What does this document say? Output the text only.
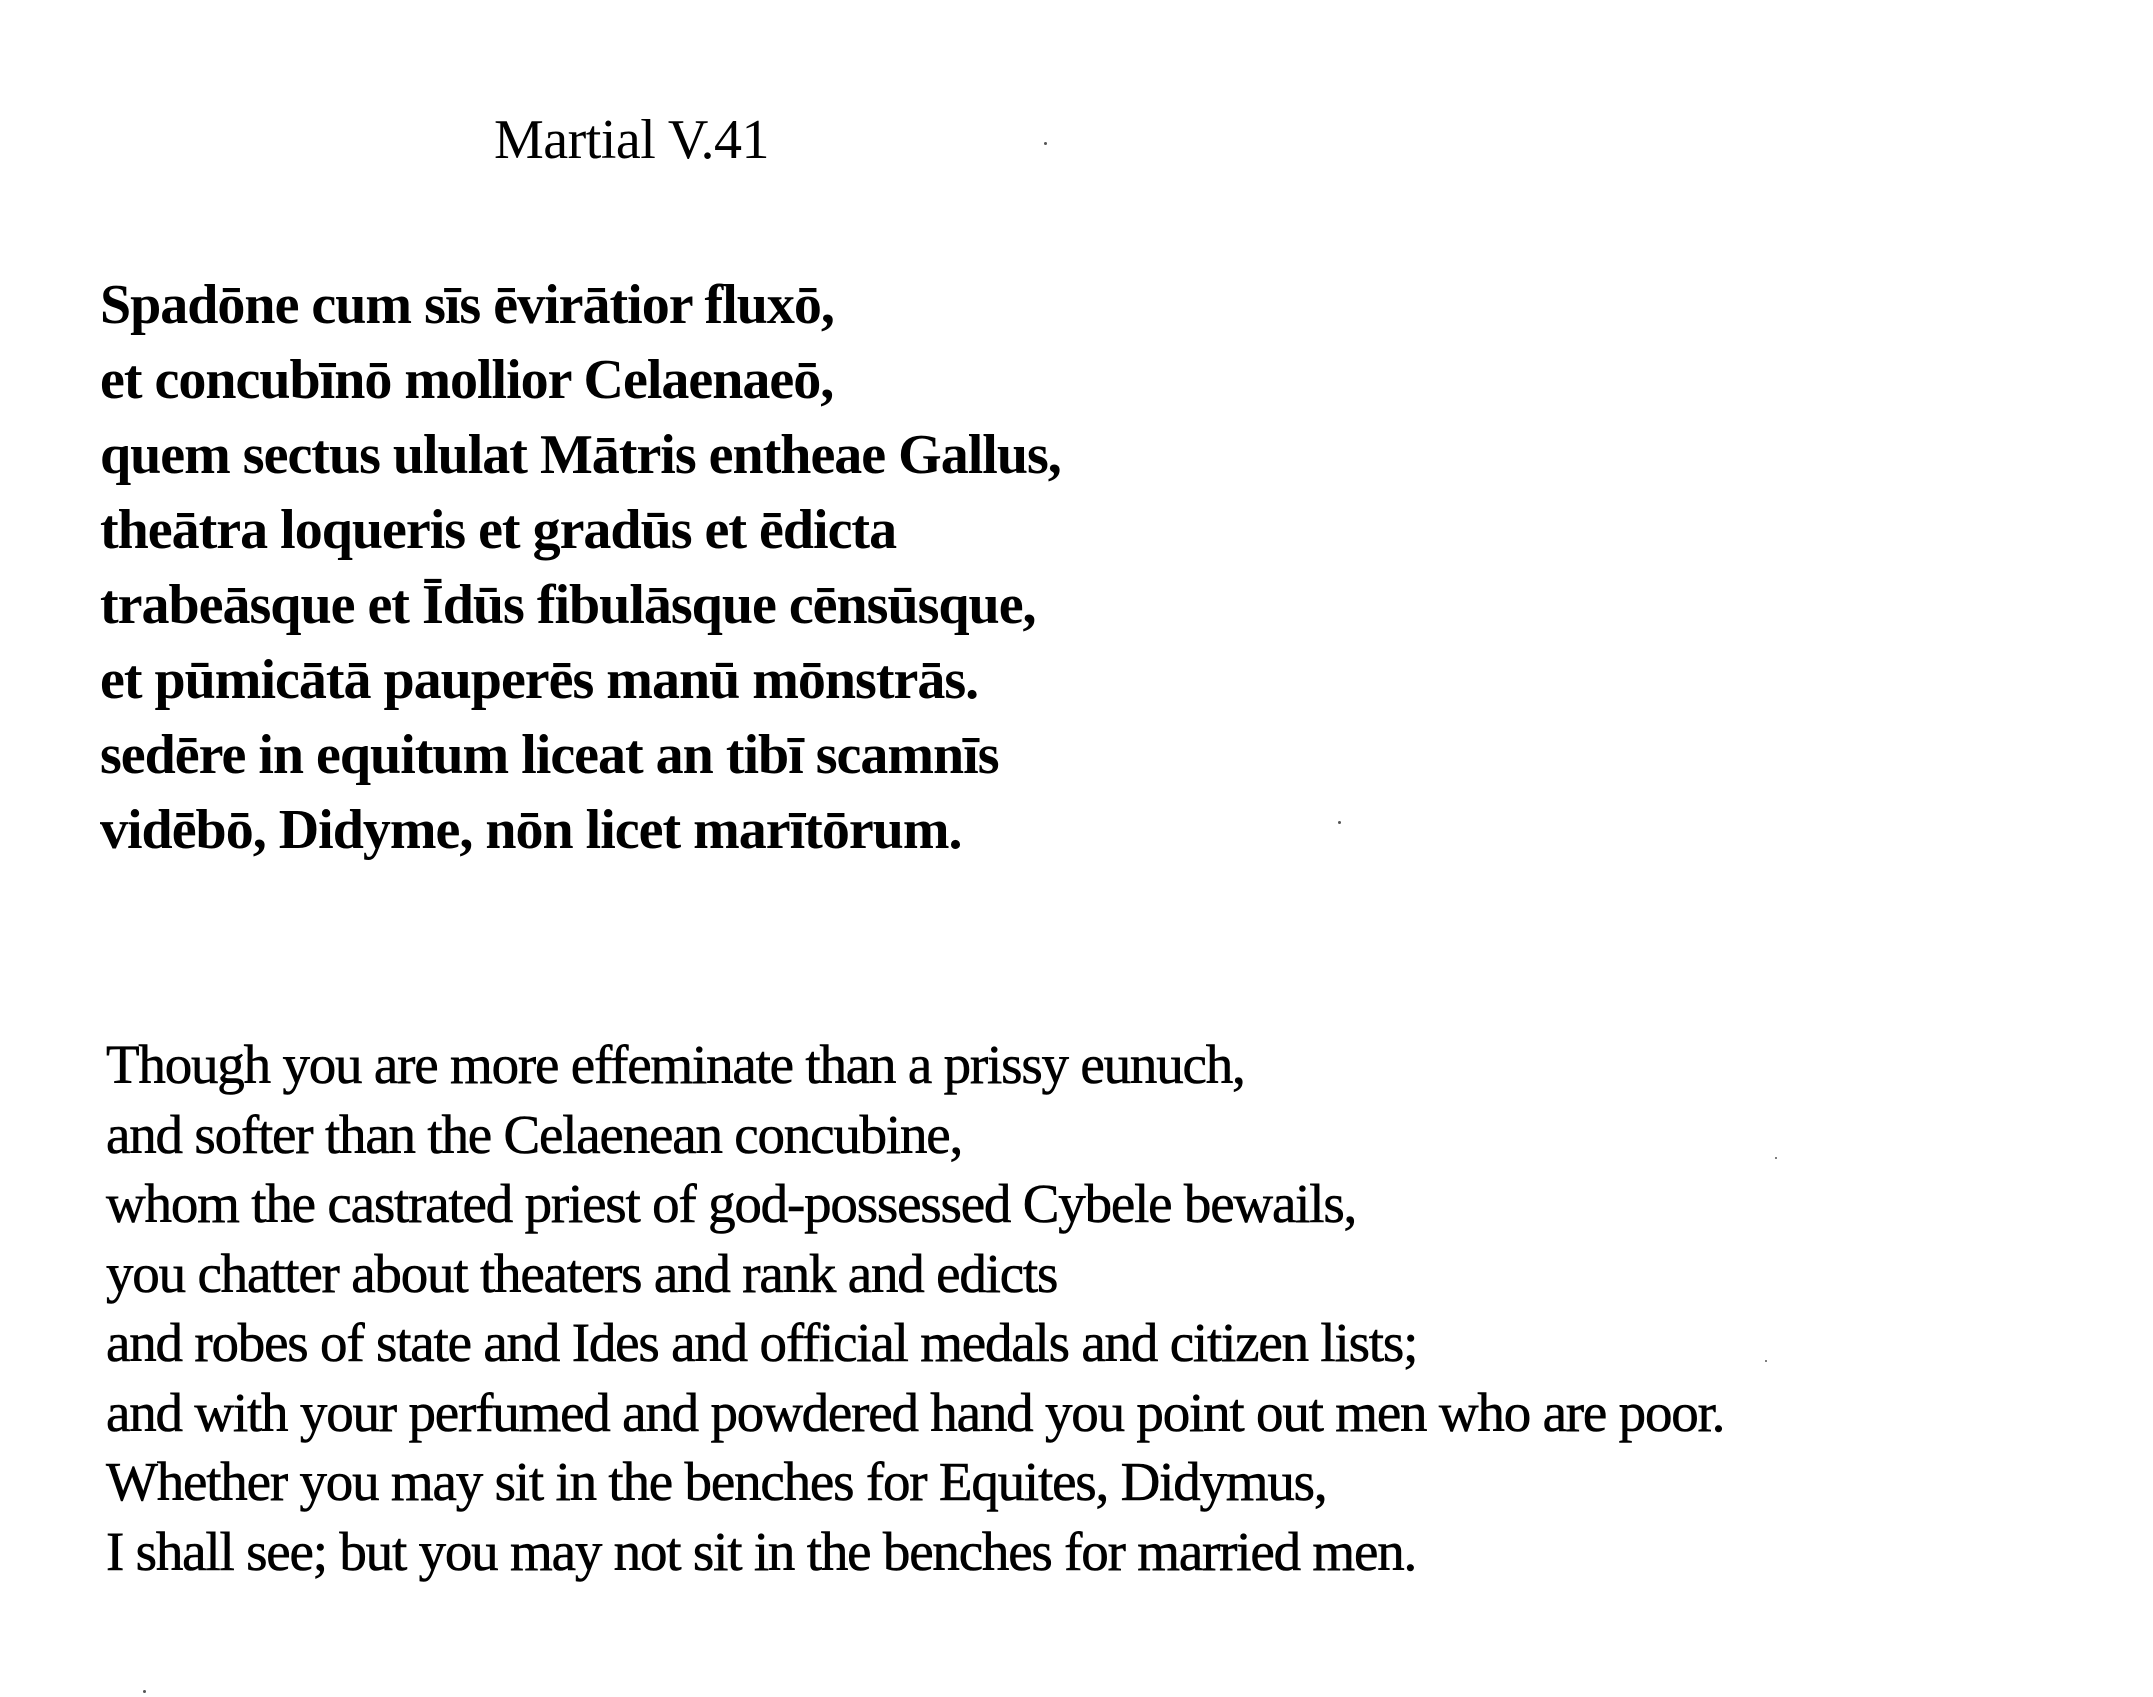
Martial V.41
Spadōne cum sīs ēvirātior fluxō,
et concubīnō mollior Celaenaeō,
quem sectus ululat Mātris entheae Gallus,
theātra loqueris et gradūs et ēdicta
trabeāsque et Īdūs fibulāsque cēnsūsque,
et pūmicātā pauperēs manū mōnstrās.
sedēre in equitum liceat an tibī scamnīs
vidēbō, Didyme, nōn licet marītōrum.
Though you are more effeminate than a prissy eunuch,
and softer than the Celaenean concubine,
whom the castrated priest of god-possessed Cybele bewails,
you chatter about theaters and rank and edicts
and robes of state and Ides and official medals and citizen lists;
and with your perfumed and powdered hand you point out men who are poor.
Whether you may sit in the benches for Equites, Didymus,
I shall see; but you may not sit in the benches for married men.
